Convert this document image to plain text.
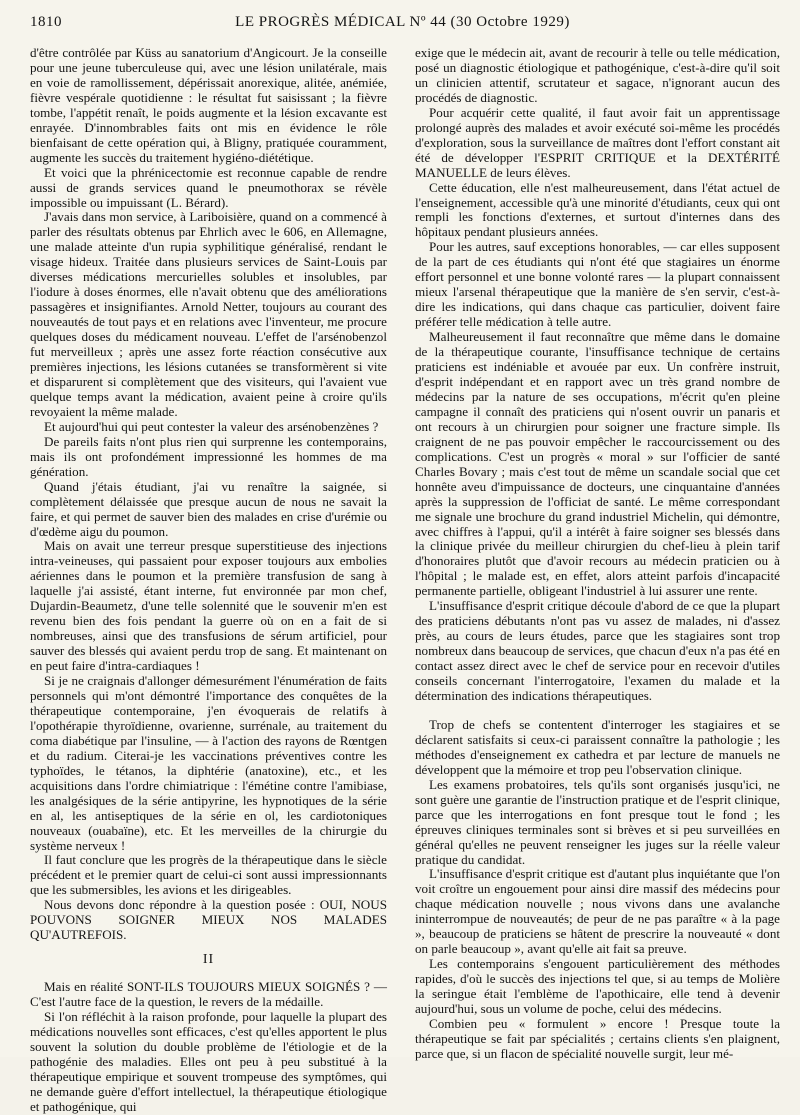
1810	LE PROGRÈS MÉDICAL Nº 44 (30 Octobre 1929)

d'être contrôlée par Küss au sanatorium d'Angicourt. Je la conseille pour une jeune tuberculeuse qui, avec une lésion unilatérale, mais en voie de ramollissement, dépérissait anorexique, alitée, anémiée, fièvre vespérale quotidienne : le résultat fut saisissant ; la fièvre tombe, l'appétit renaît, le poids augmente et la lésion excavante est enrayée. D'innombrables faits ont mis en évidence le rôle bienfaisant de cette opération qui, à Bligny, pratiquée couramment, augmente les succès du traitement hygiéno-diététique.

Et voici que la phrénicectomie est reconnue capable de rendre aussi de grands services quand le pneumothorax se révèle impossible ou impuissant (L. Bérard).

J'avais dans mon service, à Lariboisière, quand on a commencé à parler des résultats obtenus par Ehrlich avec le 606, en Allemagne, une malade atteinte d'un rupia syphilitique généralisé, rendant le visage hideux. Traitée dans plusieurs services de Saint-Louis par diverses médications mercurielles solubles et insolubles, par l'iodure à doses énormes, elle n'avait obtenu que des améliorations passagères et insignifiantes. Arnold Netter, toujours au courant des nouveautés de tout pays et en relations avec l'inventeur, me procure quelques doses du médicament nouveau. L'effet de l'arsénobenzol fut merveilleux ; après une assez forte réaction consécutive aux premières injections, les lésions cutanées se transformèrent si vite et disparurent si complètement que des visiteurs, qui l'avaient vue quelque temps avant la médication, avaient peine à croire qu'ils revoyaient la même malade.

Et aujourd'hui qui peut contester la valeur des arsénobenzènes ?

De pareils faits n'ont plus rien qui surprenne les contemporains, mais ils ont profondément impressionné les hommes de ma génération.

Quand j'étais étudiant, j'ai vu renaître la saignée, si complètement délaissée que presque aucun de nous ne savait la faire, et qui permet de sauver bien des malades en crise d'urémie ou d'œdème aigu du poumon.

Mais on avait une terreur presque superstitieuse des injections intra-veineuses, qui passaient pour exposer toujours aux embolies aériennes dans le poumon et la première transfusion de sang à laquelle j'ai assisté, étant interne, fut environnée par mon chef, Dujardin-Beaumetz, d'une telle solennité que le souvenir m'en est revenu bien des fois pendant la guerre où on en a fait de si nombreuses, ainsi que des transfusions de sérum artificiel, pour sauver des blessés qui avaient perdu trop de sang. Et maintenant on en peut faire d'intra-cardiaques !

Si je ne craignais d'allonger démesurément l'énumération de faits personnels qui m'ont démontré l'importance des conquêtes de la thérapeutique contemporaine, j'en évoquerais de relatifs à l'opothérapie thyroïdienne, ovarienne, surrénale, au traitement du coma diabétique par l'insuline, — à l'action des rayons de Rœntgen et du radium. Citerai-je les vaccinations préventives contre les typhoïdes, le tétanos, la diphtérie (anatoxine), etc., et les acquisitions dans l'ordre chimiatrique : l'émétine contre l'amibiase, les analgésiques de la série antipyrine, les hypnotiques de la série en al, les antiseptiques de la série en ol, les cardiotoniques nouveaux (ouabaïne), etc. Et les merveilles de la chirurgie du système nerveux !

Il faut conclure que les progrès de la thérapeutique dans le siècle précédent et le premier quart de celui-ci sont aussi impressionnants que les submersibles, les avions et les dirigeables.

Nous devons donc répondre à la question posée : OUI, NOUS POUVONS SOIGNER MIEUX NOS MALADES QU'AUTREFOIS.

II

Mais en réalité SONT-ILS TOUJOURS MIEUX SOIGNÉS ? — C'est l'autre face de la question, le revers de la médaille.

Si l'on réfléchit à la raison profonde, pour laquelle la plupart des médications nouvelles sont efficaces, c'est qu'elles apportent le plus souvent la solution du double problème de l'étiologie et de la pathogénie des maladies. Elles ont peu à peu substitué à la thérapeutique empirique et souvent trompeuse des symptômes, qui ne demande guère d'effort intellectuel, la thérapeutique étiologique et pathogénique, qui

exige que le médecin ait, avant de recourir à telle ou telle médication, posé un diagnostic étiologique et pathogénique, c'est-à-dire qu'il soit un clinicien attentif, scrutateur et sagace, n'ignorant aucun des procédés de diagnostic.

Pour acquérir cette qualité, il faut avoir fait un apprentissage prolongé auprès des malades et avoir exécuté soi-même les procédés d'exploration, sous la surveillance de maîtres dont l'effort constant ait été de développer l'ESPRIT CRITIQUE et la DEXTÉRITÉ MANUELLE de leurs élèves.

Cette éducation, elle n'est malheureusement, dans l'état actuel de l'enseignement, accessible qu'à une minorité d'étudiants, ceux qui ont rempli les fonctions d'externes, et surtout d'internes dans des hôpitaux pendant plusieurs années.

Pour les autres, sauf exceptions honorables, — car elles supposent de la part de ces étudiants qui n'ont été que stagiaires un énorme effort personnel et une bonne volonté rares — la plupart connaissent mieux l'arsenal thérapeutique que la manière de s'en servir, c'est-à-dire les indications, qui dans chaque cas particulier, doivent faire préférer telle médication à telle autre.

Malheureusement il faut reconnaître que même dans le domaine de la thérapeutique courante, l'insuffisance technique de certains praticiens est indéniable et avouée par eux. Un confrère instruit, d'esprit indépendant et en rapport avec un très grand nombre de médecins par la nature de ses occupations, m'écrit qu'en pleine campagne il connaît des praticiens qui n'osent ouvrir un panaris et ont recours à un chirurgien pour soigner une fracture simple. Ils craignent de ne pas pouvoir empêcher le raccourcissement ou des complications. C'est un progrès « moral » sur l'officier de santé Charles Bovary ; mais c'est tout de même un scandale social que cet honnête aveu d'impuissance de docteurs, une cinquantaine d'années après la suppression de l'officiat de santé. Le même correspondant me signale une brochure du grand industriel Michelin, qui démontre, avec chiffres à l'appui, qu'il a intérêt à faire soigner ses blessés dans la clinique privée du meilleur chirurgien du chef-lieu à plein tarif d'honoraires plutôt que d'avoir recours au médecin praticien ou à l'hôpital ; le malade est, en effet, alors atteint parfois d'incapacité permanente partielle, obligeant l'industriel à lui assurer une rente.

L'insuffisance d'esprit critique découle d'abord de ce que la plupart des praticiens débutants n'ont pas vu assez de malades, ni d'assez près, au cours de leurs études, parce que les stagiaires sont trop nombreux dans beaucoup de services, que chacun d'eux n'a pas été en contact assez direct avec le chef de service pour en recevoir d'utiles conseils concernant l'interrogatoire, l'examen du malade et la détermination des indications thérapeutiques.

Trop de chefs se contentent d'interroger les stagiaires et se déclarent satisfaits si ceux-ci paraissent connaître la pathologie ; les méthodes d'enseignement ex cathedra et par lecture de manuels ne développent que la mémoire et trop peu l'observation clinique.

Les examens probatoires, tels qu'ils sont organisés jusqu'ici, ne sont guère une garantie de l'instruction pratique et de l'esprit clinique, parce que les interrogations en font presque tout le fond ; les épreuves cliniques terminales sont si brèves et si peu surveillées en général qu'elles ne peuvent renseigner les juges sur la réelle valeur pratique du candidat.

L'insuffisance d'esprit critique est d'autant plus inquiétante que l'on voit croître un engouement pour ainsi dire massif des médecins pour chaque médication nouvelle ; nous vivons dans une avalanche ininterrompue de nouveautés; de peur de ne pas paraître « à la page », beaucoup de praticiens se hâtent de prescrire la nouveauté « dont on parle beaucoup », avant qu'elle ait fait sa preuve.

Les contemporains s'engouent particulièrement des méthodes rapides, d'où le succès des injections tel que, si au temps de Molière la seringue était l'emblème de l'apothicaire, elle tend à devenir aujourd'hui, sous un volume de poche, celui des médecins.

Combien peu « formulent » encore ! Presque toute la thérapeutique se fait par spécialités ; certains clients s'en plaignent, parce que, si un flacon de spécialité nouvelle surgit, leur mé-
